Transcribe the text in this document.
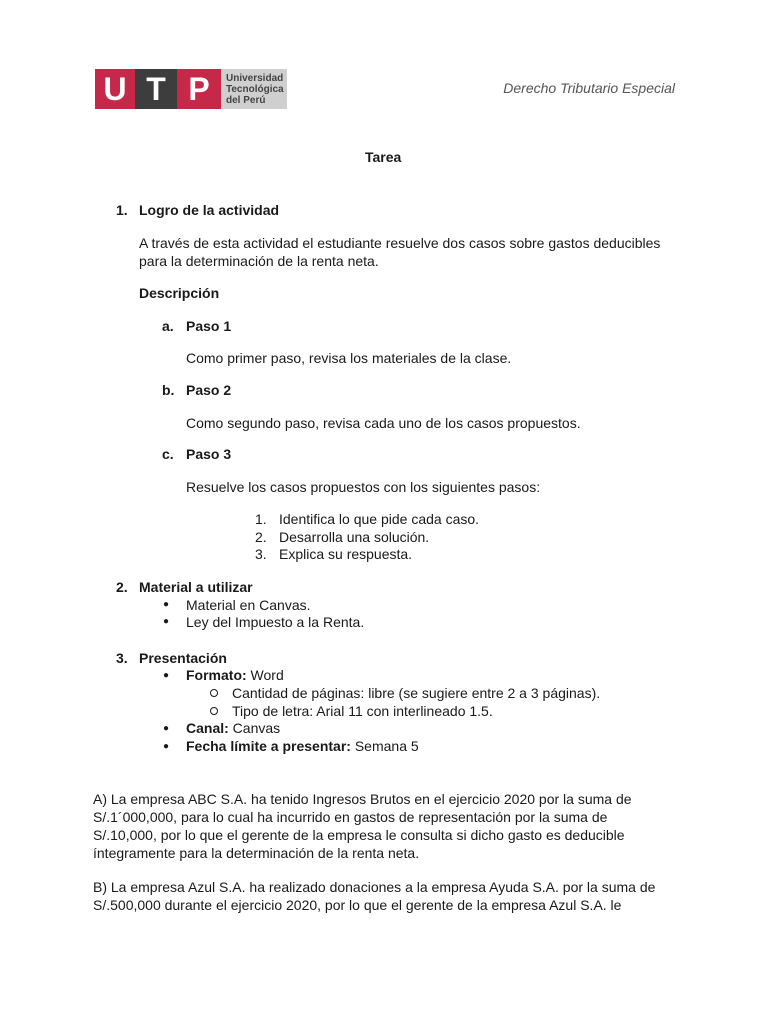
U T P	Universidad
Tecnológica
del Perú
Derecho Tributario Especial
Tarea
1. Logro de la actividad
A través de esta actividad el estudiante resuelve dos casos sobre gastos deducibles
para la determinación de la renta neta.
Descripción
a. Paso 1
Como primer paso, revisa los materiales de la clase.
b. Paso 2
Como segundo paso, revisa cada uno de los casos propuestos.
c. Paso 3
Resuelve los casos propuestos con los siguientes pasos:
1. Identifica lo que pide cada caso.
2. Desarrolla una solución.
3. Explica su respuesta.
2. Material a utilizar
● Material en Canvas.
● Ley del Impuesto a la Renta.
3. Presentación
● Formato: Word
Cantidad de páginas: libre (se sugiere entre 2 a 3 páginas).
Tipo de letra: Arial 11 con interlineado 1.5.
● Canal: Canvas
● Fecha límite a presentar: Semana 5
A) La empresa ABC S.A. ha tenido Ingresos Brutos en el ejercicio 2020 por la suma de
S/.1´000,000, para lo cual ha incurrido en gastos de representación por la suma de
S/.10,000, por lo que el gerente de la empresa le consulta si dicho gasto es deducible
íntegramente para la determinación de la renta neta.
B) La empresa Azul S.A. ha realizado donaciones a la empresa Ayuda S.A. por la suma de
S/.500,000 durante el ejercicio 2020, por lo que el gerente de la empresa Azul S.A. le
